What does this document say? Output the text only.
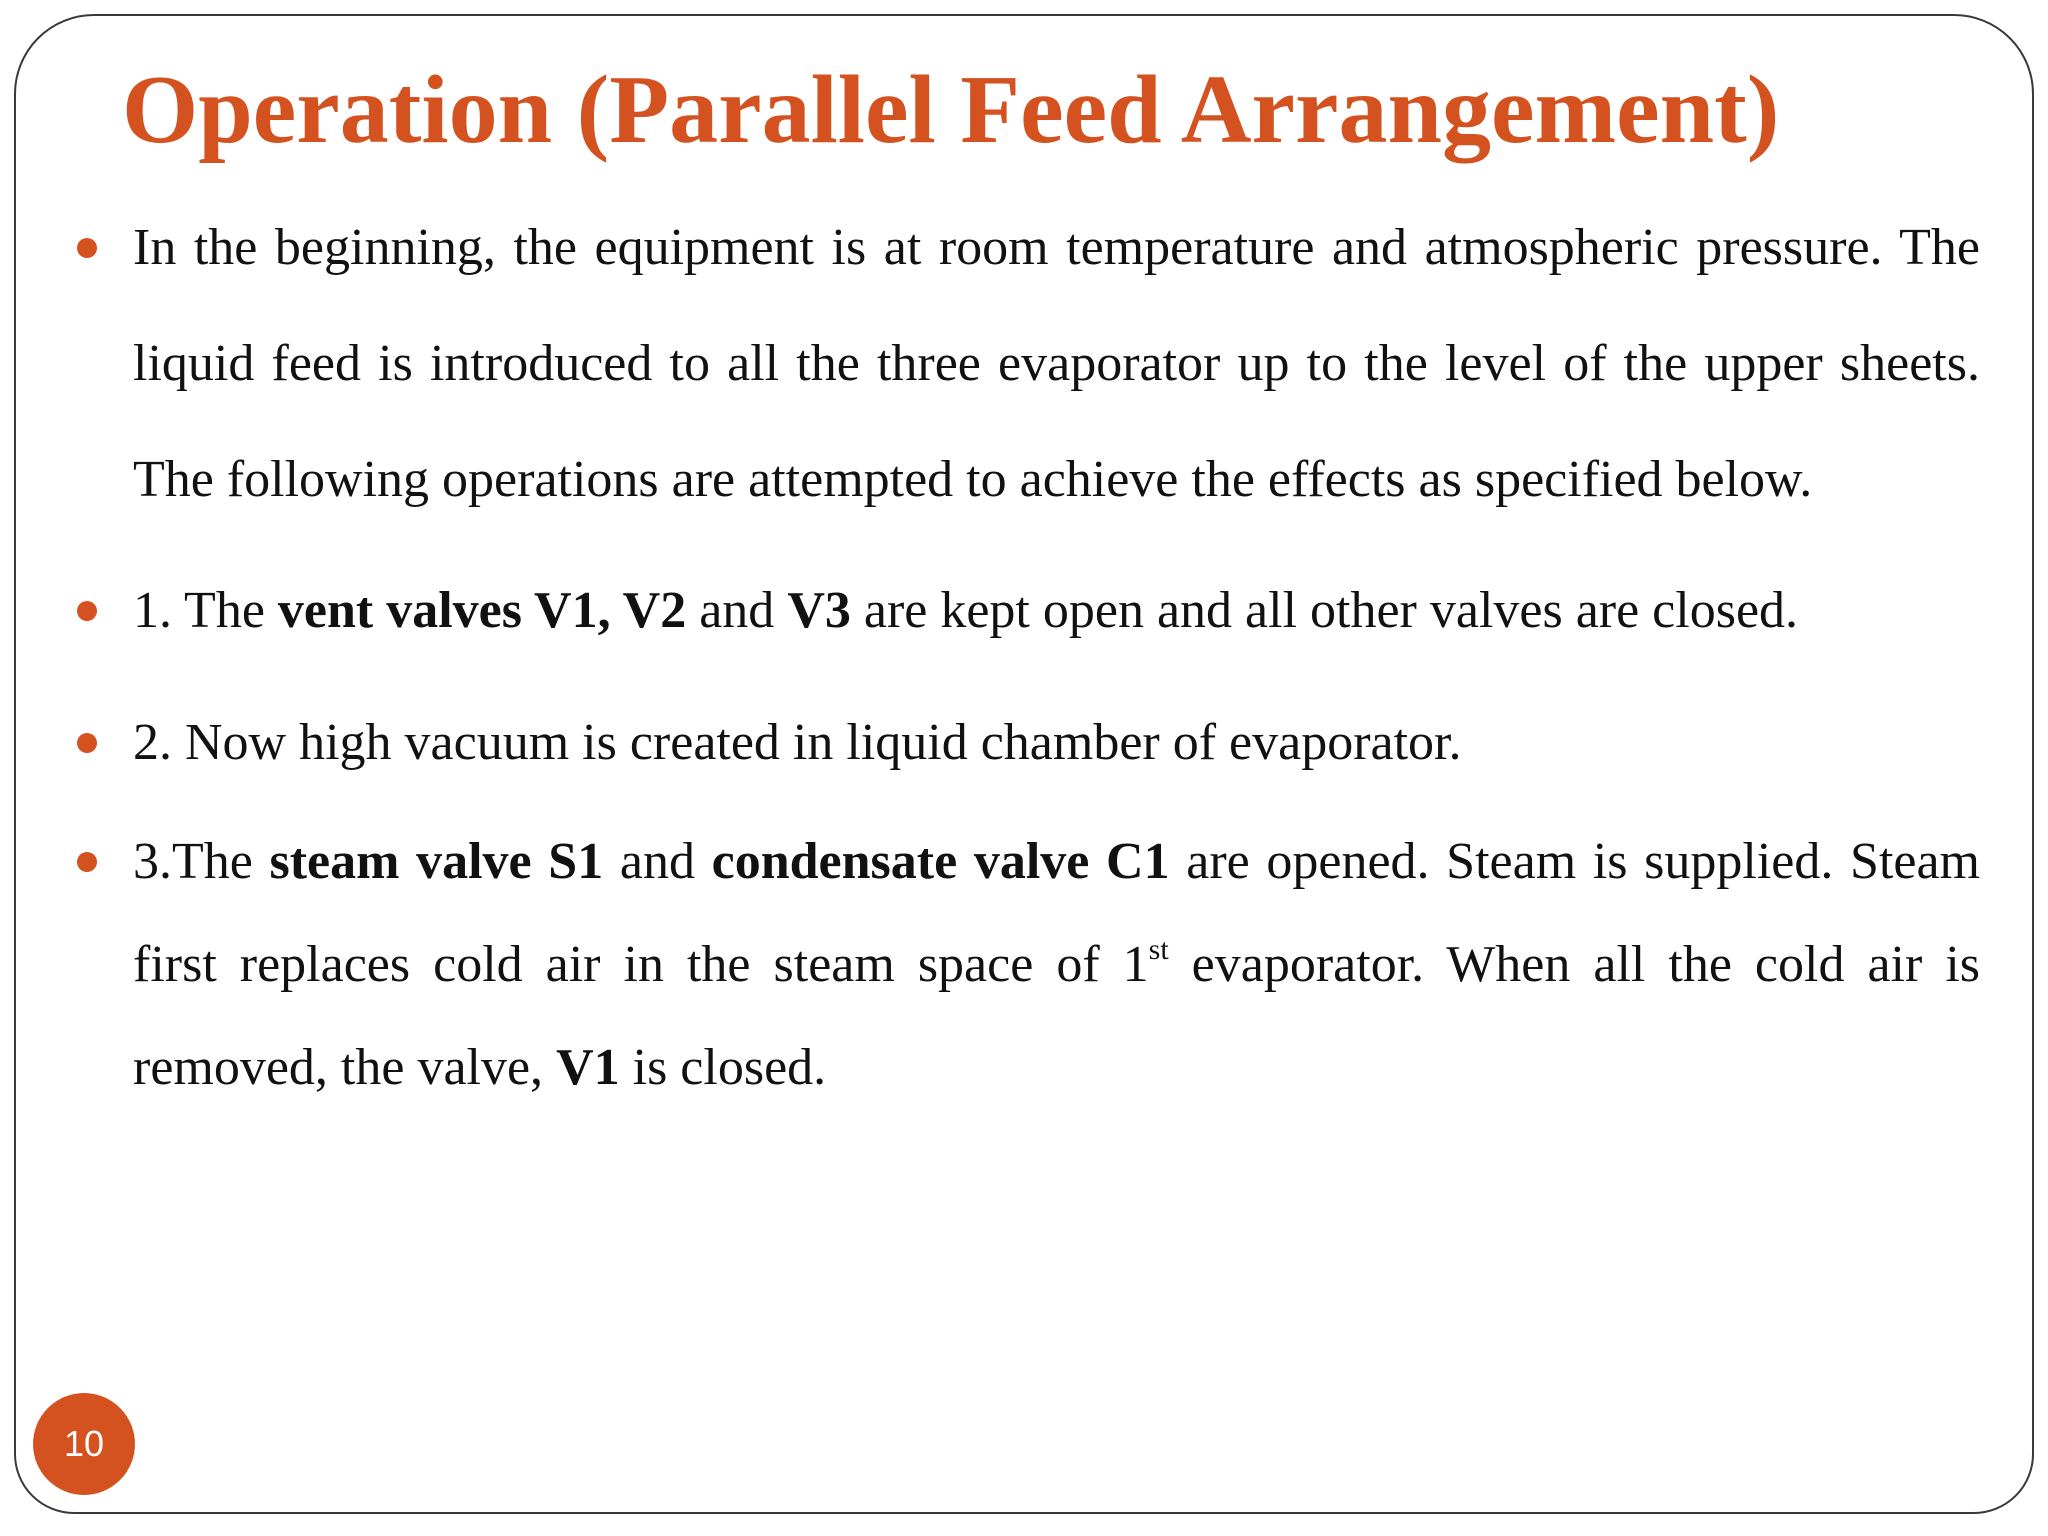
Operation (Parallel Feed Arrangement)
In the beginning, the equipment is at room temperature and atmospheric pressure. The liquid feed is introduced to all the three evaporator up to the level of the upper sheets. The following operations are attempted to achieve the effects as specified below.
1. The vent valves V1, V2 and V3 are kept open and all other valves are closed.
2. Now high vacuum is created in liquid chamber of evaporator.
3.The steam valve S1 and condensate valve C1 are opened. Steam is supplied. Steam first replaces cold air in the steam space of 1st evaporator. When all the cold air is removed, the valve, V1 is closed.
10
